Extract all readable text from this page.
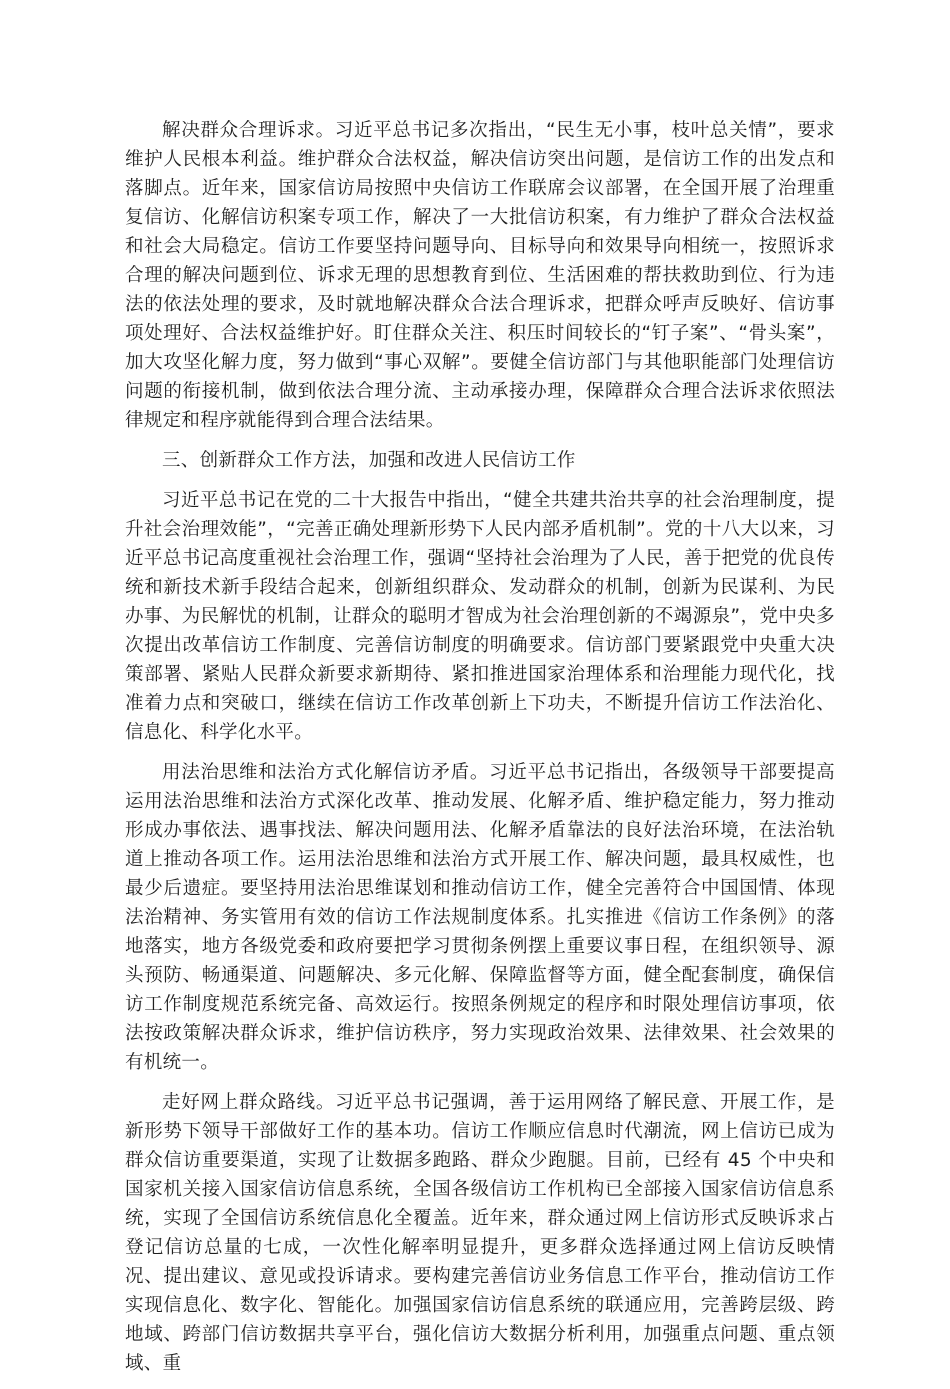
解决群众合理诉求。习近平总书记多次指出，“民生无小事，枝叶总关情”，要求维护人民根本利益。维护群众合法权益，解决信访突出问题，是信访工作的出发点和落脚点。近年来，国家信访局按照中央信访工作联席会议部署，在全国开展了治理重复信访、化解信访积案专项工作，解决了一大批信访积案，有力维护了群众合法权益和社会大局稳定。信访工作要坚持问题导向、目标导向和效果导向相统一，按照诉求合理的解决问题到位、诉求无理的思想教育到位、生活困难的帮扶救助到位、行为违法的依法处理的要求，及时就地解决群众合法合理诉求，把群众呼声反映好、信访事项处理好、合法权益维护好。盯住群众关注、积压时间较长的“钉子案”、“骨头案”，加大攻坚化解力度，努力做到“事心双解”。要健全信访部门与其他职能部门处理信访问题的衔接机制，做到依法合理分流、主动承接办理，保障群众合理合法诉求依照法律规定和程序就能得到合理合法结果。

三、创新群众工作方法，加强和改进人民信访工作

习近平总书记在党的二十大报告中指出，“健全共建共治共享的社会治理制度，提升社会治理效能”，“完善正确处理新形势下人民内部矛盾机制”。党的十八大以来，习近平总书记高度重视社会治理工作，强调“坚持社会治理为了人民，善于把党的优良传统和新技术新手段结合起来，创新组织群众、发动群众的机制，创新为民谋利、为民办事、为民解忧的机制，让群众的聪明才智成为社会治理创新的不竭源泉”，党中央多次提出改革信访工作制度、完善信访制度的明确要求。信访部门要紧跟党中央重大决策部署、紧贴人民群众新要求新期待、紧扣推进国家治理体系和治理能力现代化，找准着力点和突破口，继续在信访工作改革创新上下功夫，不断提升信访工作法治化、信息化、科学化水平。

用法治思维和法治方式化解信访矛盾。习近平总书记指出，各级领导干部要提高运用法治思维和法治方式深化改革、推动发展、化解矛盾、维护稳定能力，努力推动形成办事依法、遇事找法、解决问题用法、化解矛盾靠法的良好法治环境，在法治轨道上推动各项工作。运用法治思维和法治方式开展工作、解决问题，最具权威性，也最少后遗症。要坚持用法治思维谋划和推动信访工作，健全完善符合中国国情、体现法治精神、务实管用有效的信访工作法规制度体系。扎实推进《信访工作条例》的落地落实，地方各级党委和政府要把学习贯彻条例摆上重要议事日程，在组织领导、源头预防、畅通渠道、问题解决、多元化解、保障监督等方面，健全配套制度，确保信访工作制度规范系统完备、高效运行。按照条例规定的程序和时限处理信访事项，依法按政策解决群众诉求，维护信访秩序，努力实现政治效果、法律效果、社会效果的有机统一。

走好网上群众路线。习近平总书记强调，善于运用网络了解民意、开展工作，是新形势下领导干部做好工作的基本功。信访工作顺应信息时代潮流，网上信访已成为群众信访重要渠道，实现了让数据多跑路、群众少跑腿。目前，已经有 45 个中央和国家机关接入国家信访信息系统，全国各级信访工作机构已全部接入国家信访信息系统，实现了全国信访系统信息化全覆盖。近年来，群众通过网上信访形式反映诉求占登记信访总量的七成，一次性化解率明显提升，更多群众选择通过网上信访反映情况、提出建议、意见或投诉请求。要构建完善信访业务信息工作平台，推动信访工作实现信息化、数字化、智能化。加强国家信访信息系统的联通应用，完善跨层级、跨地域、跨部门信访数据共享平台，强化信访大数据分析利用，加强重点问题、重点领域、重
